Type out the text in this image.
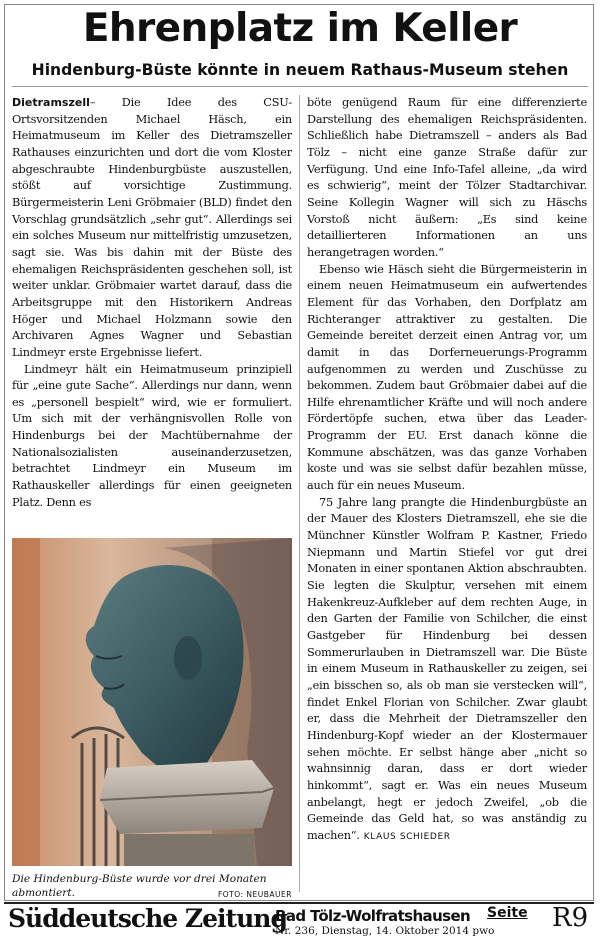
Ehrenplatz im Keller
Hindenburg-Büste könnte in neuem Rathaus-Museum stehen

Dietramszell– Die Idee des CSU-Ortsvorsitzenden Michael Häsch, ein Heimatmuseum im Keller des Dietramszeller Rathauses einzurichten und dort die vom Kloster abgeschraubte Hindenburgbüste auszustellen, stößt auf vorsichtige Zustimmung. Bürgermeisterin Leni Gröbmaier (BLD) findet den Vorschlag grundsätzlich „sehr gut“. Allerdings sei ein solches Museum nur mittelfristig umzusetzen, sagt sie. Was bis dahin mit der Büste des ehemaligen Reichspräsidenten geschehen soll, ist weiter unklar. Gröbmaier wartet darauf, dass die Arbeitsgruppe mit den Historikern Andreas Höger und Michael Holzmann sowie den Archivaren Agnes Wagner und Sebastian Lindmeyr erste Ergebnisse liefert.

Lindmeyr hält ein Heimatmuseum prinzipiell für „eine gute Sache“. Allerdings nur dann, wenn es „personell bespielt“ wird, wie er formuliert. Um sich mit der verhängnisvollen Rolle von Hindenburgs bei der Machtübernahme der Nationalsozialisten auseinanderzusetzen, betrachtet Lindmeyr ein Museum im Rathauskeller allerdings für einen geeigneten Platz. Denn es

Die Hindenburg-Büste wurde vor drei Monaten abmontiert.	FOTO: NEUBAUER

böte genügend Raum für eine differenzierte Darstellung des ehemaligen Reichspräsidenten. Schließlich habe Dietramszell – anders als Bad Tölz – nicht eine ganze Straße dafür zur Verfügung. Und eine Info-Tafel alleine, „da wird es schwierig“, meint der Tölzer Stadtarchivar. Seine Kollegin Wagner will sich zu Häschs Vorstoß nicht äußern: „Es sind keine detaillierteren Informationen an uns herangetragen worden.“

Ebenso wie Häsch sieht die Bürgermeisterin in einem neuen Heimatmuseum ein aufwertendes Element für das Vorhaben, den Dorfplatz am Richteranger attraktiver zu gestalten. Die Gemeinde bereitet derzeit einen Antrag vor, um damit in das Dorferneuerungs-Programm aufgenommen zu werden und Zuschüsse zu bekommen. Zudem baut Gröbmaier dabei auf die Hilfe ehrenamtlicher Kräfte und will noch andere Fördertöpfe suchen, etwa über das Leader-Programm der EU. Erst danach könne die Kommune abschätzen, was das ganze Vorhaben koste und was sie selbst dafür bezahlen müsse, auch für ein neues Museum.

75 Jahre lang prangte die Hindenburgbüste an der Mauer des Klosters Dietramszell, ehe sie die Münchner Künstler Wolfram P. Kastner, Friedo Niepmann und Martin Stiefel vor gut drei Monaten in einer spontanen Aktion abschraubten. Sie legten die Skulptur, versehen mit einem Hakenkreuz-Aufkleber auf dem rechten Auge, in den Garten der Familie von Schilcher, die einst Gastgeber für Hindenburg bei dessen Sommerurlauben in Dietramszell war. Die Büste in einem Museum in Rathauskeller zu zeigen, sei „ein bisschen so, als ob man sie verstecken will“, findet Enkel Florian von Schilcher. Zwar glaubt er, dass die Mehrheit der Dietramszeller den Hindenburg-Kopf wieder an der Klostermauer sehen möchte. Er selbst hänge aber „nicht so wahnsinnig daran, dass er dort wieder hinkommt“, sagt er. Was ein neues Museum anbelangt, hegt er jedoch Zweifel, „ob die Gemeinde das Geld hat, so was anständig zu machen“. KLAUS SCHIEDER

Süddeutsche Zeitung
Bad Tölz-Wolfratshausen
Nr. 236, Dienstag, 14. Oktober 2014 pwo
Seite R9
